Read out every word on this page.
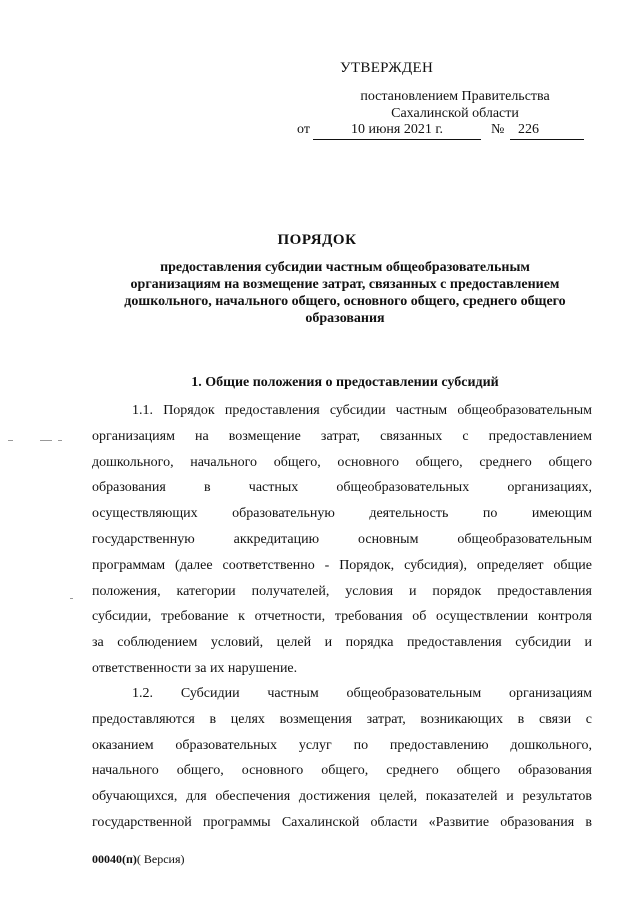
УТВЕРЖДЕН
постановлением Правительства
Сахалинской области
от	10 июня 2021 г.	№ 226
ПОРЯДОК
предоставления субсидии частным общеобразовательным
организациям на возмещение затрат, связанных с предоставлением
дошкольного, начального общего, основного общего, среднего общего
образования
1. Общие положения о предоставлении субсидий
1.1. Порядок предоставления субсидии частным общеобразовательным
организациям на возмещение затрат, связанных с предоставлением
дошкольного, начального общего, основного общего, среднего общего
образования в частных общеобразовательных организациях,
осуществляющих образовательную деятельность по имеющим
государственную аккредитацию основным общеобразовательным
программам (далее соответственно - Порядок, субсидия), определяет общие
положения, категории получателей, условия и порядок предоставления
субсидии, требование к отчетности, требования об осуществлении контроля
за соблюдением условий, целей и порядка предоставления субсидии и
ответственности за их нарушение.
1.2. Субсидии частным общеобразовательным организациям
предоставляются в целях возмещения затрат, возникающих в связи с
оказанием образовательных услуг по предоставлению дошкольного,
начального общего, основного общего, среднего общего образования
обучающихся, для обеспечения достижения целей, показателей и результатов
государственной программы Сахалинской области «Развитие образования в
00040(п)( Версия)
